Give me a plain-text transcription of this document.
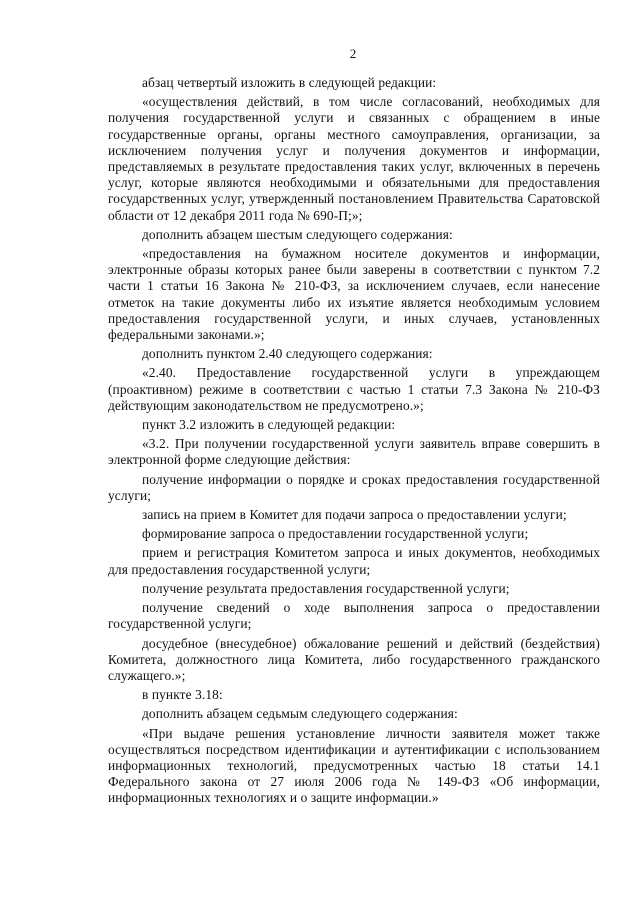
2

абзац четвертый изложить в следующей редакции:

«осуществления действий, в том числе согласований, необходимых для получения государственной услуги и связанных с обращением в иные государственные органы, органы местного самоуправления, организации, за исключением получения услуг и получения документов и информации, представляемых в результате предоставления таких услуг, включенных в перечень услуг, которые являются необходимыми и обязательными для предоставления государственных услуг, утвержденный постановлением Правительства Саратовской области от 12 декабря 2011 года № 690-П;»;

дополнить абзацем шестым следующего содержания:

«предоставления на бумажном носителе документов и информации, электронные образы которых ранее были заверены в соответствии с пунктом 7.2 части 1 статьи 16 Закона № 210-ФЗ, за исключением случаев, если нанесение отметок на такие документы либо их изъятие является необходимым условием предоставления государственной услуги, и иных случаев, установленных федеральными законами.»;

дополнить пунктом 2.40 следующего содержания:

«2.40. Предоставление государственной услуги в упреждающем (проактивном) режиме в соответствии с частью 1 статьи 7.3 Закона № 210-ФЗ действующим законодательством не предусмотрено.»;

пункт 3.2 изложить в следующей редакции:

«3.2. При получении государственной услуги заявитель вправе совершить в электронной форме следующие действия:

получение информации о порядке и сроках предоставления государственной услуги;

запись на прием в Комитет для подачи запроса о предоставлении услуги;

формирование запроса о предоставлении государственной услуги;

прием и регистрация Комитетом запроса и иных документов, необходимых для предоставления государственной услуги;

получение результата предоставления государственной услуги;

получение сведений о ходе выполнения запроса о предоставлении государственной услуги;

досудебное (внесудебное) обжалование решений и действий (бездействия) Комитета, должностного лица Комитета, либо государственного гражданского служащего.»;

в пункте 3.18:

дополнить абзацем седьмым следующего содержания:

«При выдаче решения установление личности заявителя может также осуществляться посредством идентификации и аутентификации с использованием информационных технологий, предусмотренных частью 18 статьи 14.1 Федерального закона от 27 июля 2006 года № 149-ФЗ «Об информации, информационных технологиях и о защите информации.»
